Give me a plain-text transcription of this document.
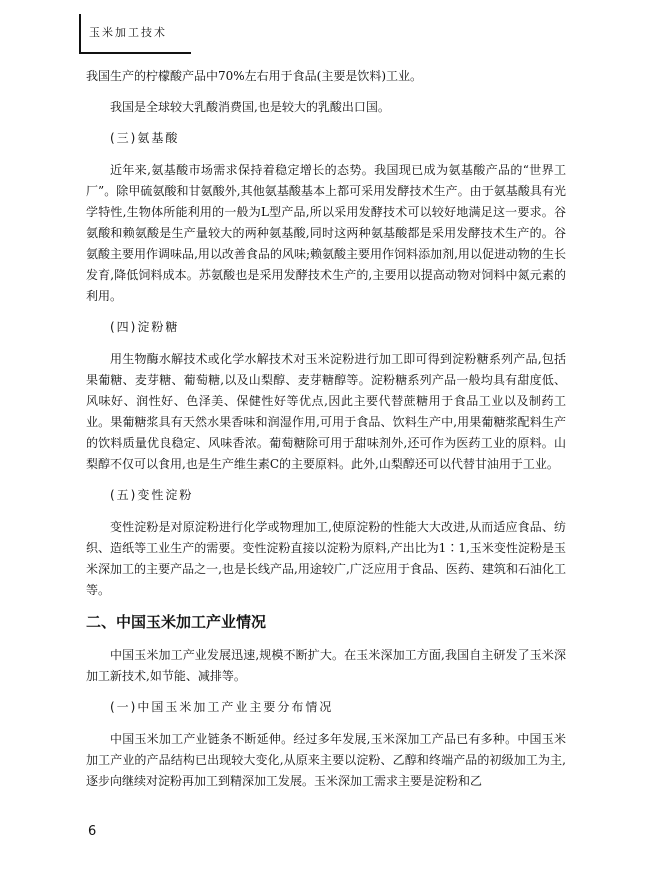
玉米加工技术

我国生产的柠檬酸产品中70%左右用于食品(主要是饮料)工业。

我国是全球较大乳酸消费国,也是较大的乳酸出口国。

(三)氨基酸

近年来,氨基酸市场需求保持着稳定增长的态势。我国现已成为氨基酸产品的“世界工厂”。除甲硫氨酸和甘氨酸外,其他氨基酸基本上都可采用发酵技术生产。由于氨基酸具有光学特性,生物体所能利用的一般为L型产品,所以采用发酵技术可以较好地满足这一要求。谷氨酸和赖氨酸是生产量较大的两种氨基酸,同时这两种氨基酸都是采用发酵技术生产的。谷氨酸主要用作调味品,用以改善食品的风味;赖氨酸主要用作饲料添加剂,用以促进动物的生长发育,降低饲料成本。苏氨酸也是采用发酵技术生产的,主要用以提高动物对饲料中氮元素的利用。

(四)淀粉糖

用生物酶水解技术或化学水解技术对玉米淀粉进行加工即可得到淀粉糖系列产品,包括果葡糖、麦芽糖、葡萄糖,以及山梨醇、麦芽糖醇等。淀粉糖系列产品一般均具有甜度低、风味好、润性好、色泽美、保健性好等优点,因此主要代替蔗糖用于食品工业以及制药工业。果葡糖浆具有天然水果香味和润湿作用,可用于食品、饮料生产中,用果葡糖浆配料生产的饮料质量优良稳定、风味香浓。葡萄糖除可用于甜味剂外,还可作为医药工业的原料。山梨醇不仅可以食用,也是生产维生素C的主要原料。此外,山梨醇还可以代替甘油用于工业。

(五)变性淀粉

变性淀粉是对原淀粉进行化学或物理加工,使原淀粉的性能大大改进,从而适应食品、纺织、造纸等工业生产的需要。变性淀粉直接以淀粉为原料,产出比为1∶1,玉米变性淀粉是玉米深加工的主要产品之一,也是长线产品,用途较广,广泛应用于食品、医药、建筑和石油化工等。

二、中国玉米加工产业情况

中国玉米加工产业发展迅速,规模不断扩大。在玉米深加工方面,我国自主研发了玉米深加工新技术,如节能、减排等。

(一)中国玉米加工产业主要分布情况

中国玉米加工产业链条不断延伸。经过多年发展,玉米深加工产品已有多种。中国玉米加工产业的产品结构已出现较大变化,从原来主要以淀粉、乙醇和终端产品的初级加工为主,逐步向继续对淀粉再加工到精深加工发展。玉米深加工需求主要是淀粉和乙

6
